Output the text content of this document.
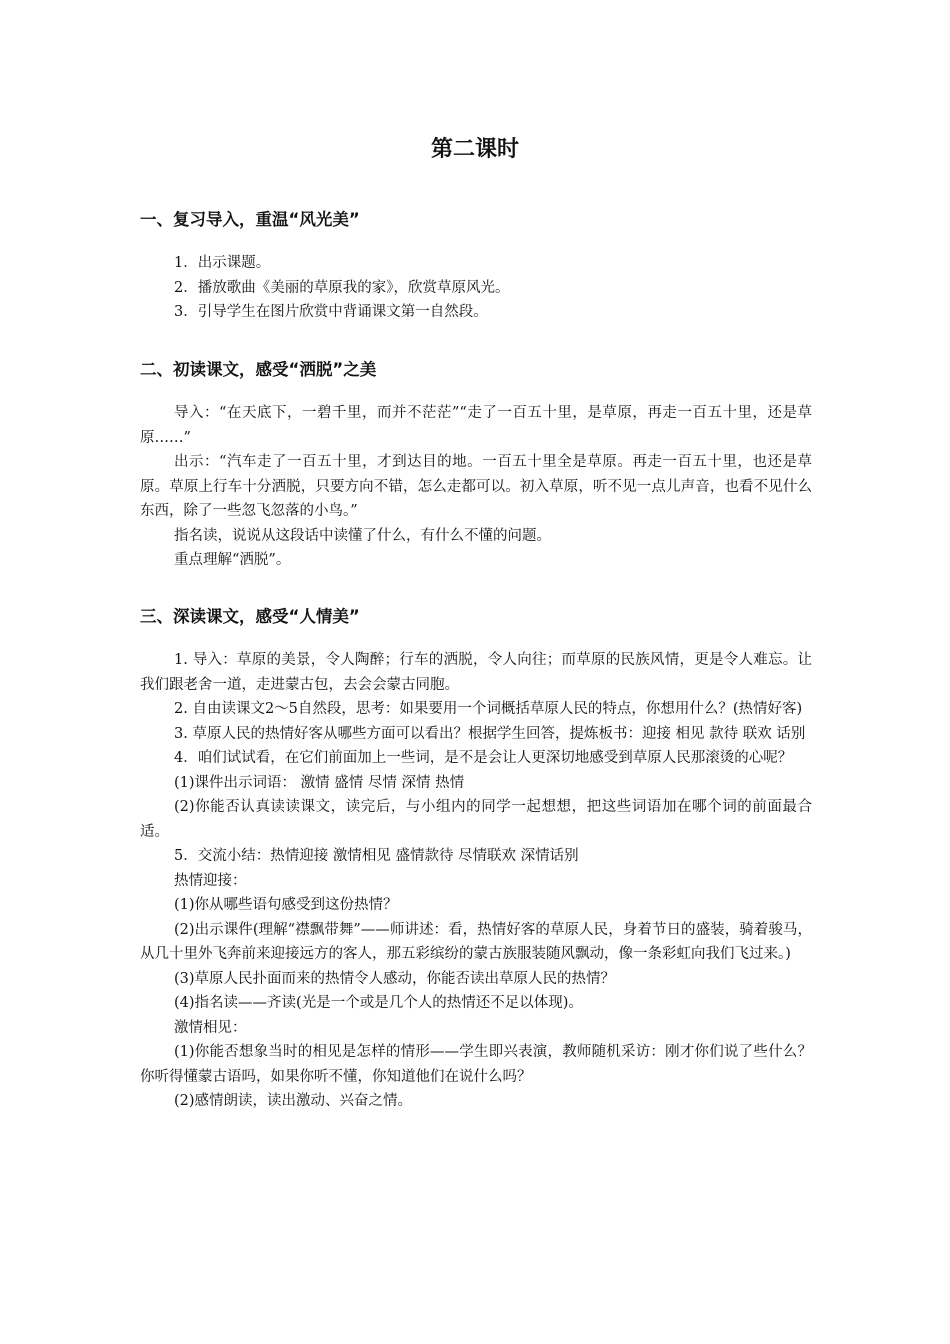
第二课时
一、复习导入，重温“风光美”

1．出示课题。

2．播放歌曲《美丽的草原我的家》，欣赏草原风光。

3．引导学生在图片欣赏中背诵课文第一自然段。

二、初读课文，感受“洒脱”之美

导入：“在天底下，一碧千里，而并不茫茫”“走了一百五十里，是草原，再走一百五十里，还是草原……”

出示：“汽车走了一百五十里，才到达目的地。一百五十里全是草原。再走一百五十里，也还是草原。草原上行车十分洒脱，只要方向不错，怎么走都可以。初入草原，听不见一点儿声音，也看不见什么东西，除了一些忽飞忽落的小鸟。”

指名读，说说从这段话中读懂了什么，有什么不懂的问题。

重点理解“洒脱”。

三、深读课文，感受“人情美”

1. 导入：草原的美景，令人陶醉；行车的洒脱，令人向往；而草原的民族风情，更是令人难忘。让我们跟老舍一道，走进蒙古包，去会会蒙古同胞。

2. 自由读课文2～5自然段，思考：如果要用一个词概括草原人民的特点，你想用什么？(热情好客)

3. 草原人民的热情好客从哪些方面可以看出？根据学生回答，提炼板书：迎接 相见 款待 联欢 话别

4．咱们试试看，在它们前面加上一些词，是不是会让人更深切地感受到草原人民那滚烫的心呢？

(1)课件出示词语： 激情 盛情 尽情 深情 热情

(2)你能否认真读读课文，读完后，与小组内的同学一起想想，把这些词语加在哪个词的前面最合适。

5．交流小结：热情迎接 激情相见 盛情款待 尽情联欢 深情话别

热情迎接：

(1)你从哪些语句感受到这份热情？

(2)出示课件(理解“襟飘带舞”——师讲述：看，热情好客的草原人民，身着节日的盛装，骑着骏马，从几十里外飞奔前来迎接远方的客人，那五彩缤纷的蒙古族服装随风飘动，像一条彩虹向我们飞过来。)

(3)草原人民扑面而来的热情令人感动，你能否读出草原人民的热情？

(4)指名读——齐读(光是一个或是几个人的热情还不足以体现)。

激情相见：

(1)你能否想象当时的相见是怎样的情形——学生即兴表演，教师随机采访：刚才你们说了些什么？你听得懂蒙古语吗，如果你听不懂，你知道他们在说什么吗？

(2)感情朗读，读出激动、兴奋之情。
